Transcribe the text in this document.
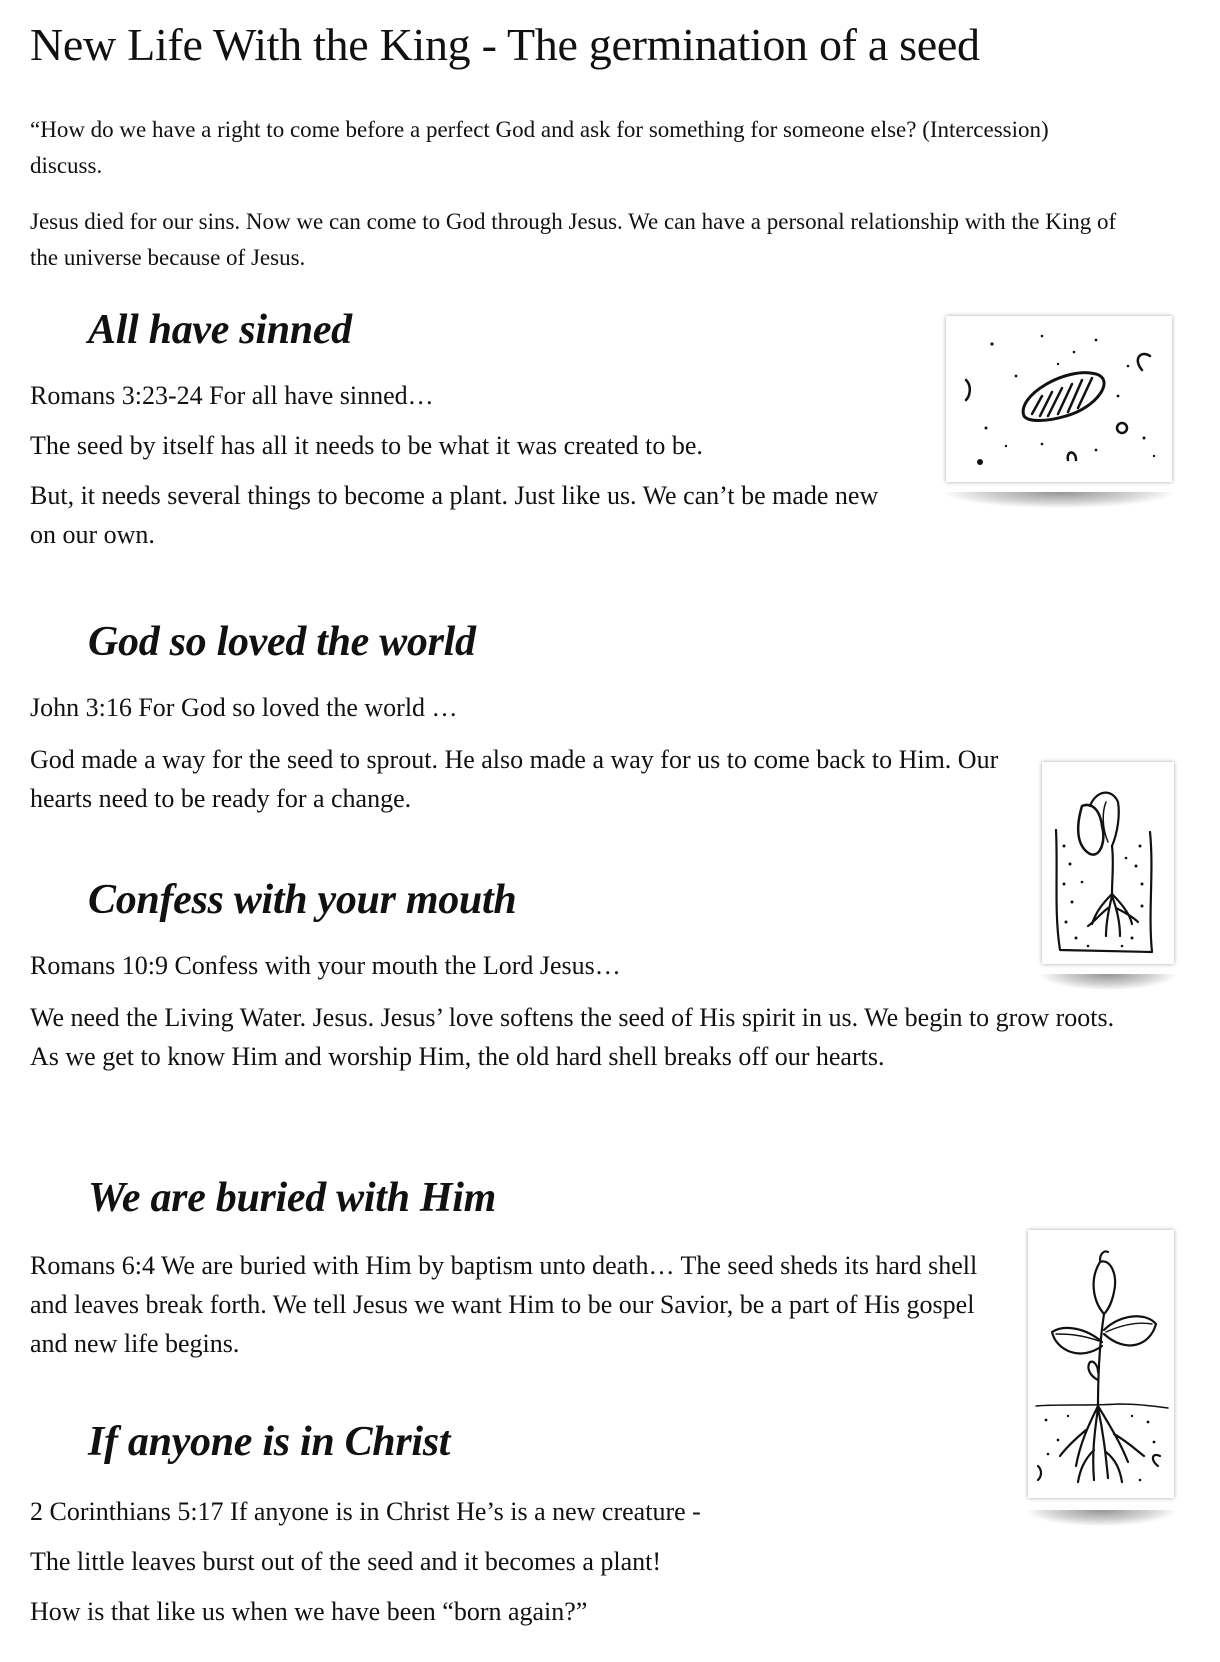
New Life With the King - The germination of a seed

“How do we have a right to come before a perfect God and ask for something for someone else? (Intercession) discuss.

Jesus died for our sins. Now we can come to God through Jesus. We can have a personal relationship with the King of the universe because of Jesus.

All have sinned

Romans 3:23-24 For all have sinned…

The seed by itself has all it needs to be what it was created to be.

But, it needs several things to become a plant. Just like us. We can’t be made new on our own.

God so loved the world

John 3:16 For God so loved the world …

God made a way for the seed to sprout. He also made a way for us to come back to Him. Our hearts need to be ready for a change.

Confess with your mouth

Romans 10:9 Confess with your mouth the Lord Jesus…

We need the Living Water. Jesus. Jesus’ love softens the seed of His spirit in us. We begin to grow roots. As we get to know Him and worship Him, the old hard shell breaks off our hearts.

We are buried with Him

Romans 6:4 We are buried with Him by baptism unto death… The seed sheds its hard shell and leaves break forth. We tell Jesus we want Him to be our Savior, be a part of His gospel and new life begins.

If anyone is in Christ

2 Corinthians 5:17 If anyone is in Christ He’s is a new creature -

The little leaves burst out of the seed and it becomes a plant!

How is that like us when we have been “born again?”
